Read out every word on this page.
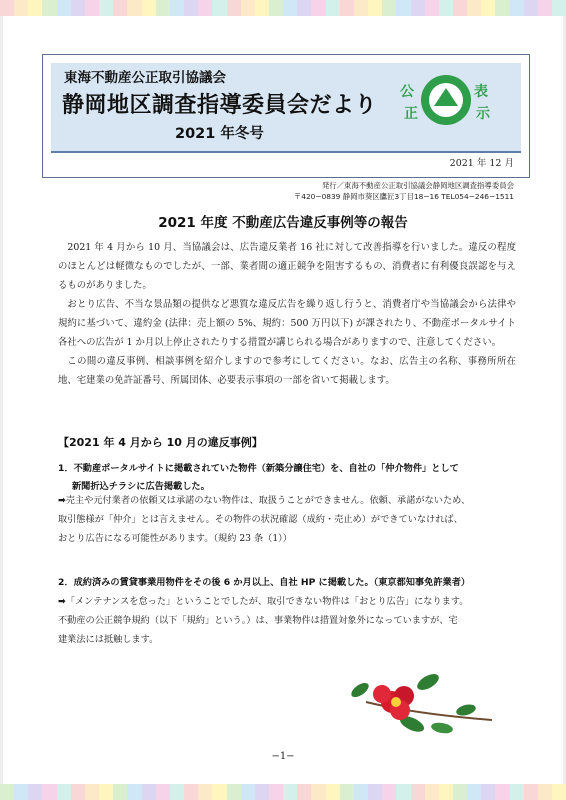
東海不動産公正取引協議会
静岡地区調査指導委員会だより
2021 年冬号
公
正
表
示
2021 年 12 月
発行／東海不動産公正取引協議会静岡地区調査指導委員会
〒420−0839 静岡市葵区鷹匠3丁目18−16 TEL054−246−1511
2021 年度 不動産広告違反事例等の報告

2021 年 4 月から 10 月、当協議会は、広告違反業者 16 社に対して改善指導を行いました。違反の程度のほとんどは軽微なものでしたが、一部、業者間の適正競争を阻害するもの、消費者に有利優良誤認を与えるものがありました。

おとり広告、不当な景品類の提供など悪質な違反広告を繰り返し行うと、消費者庁や当協議会から法律や規約に基づいて、違約金 (法律：売上額の 5%、規約：500 万円以下) が課されたり、不動産ポータルサイト各社への広告が 1 か月以上停止されたりする措置が講じられる場合がありますので、注意してください。

この間の違反事例、相談事例を紹介しますので参考にしてください。なお、広告主の名称、事務所所在地、宅建業の免許証番号、所属団体、必要表示事項の一部を省いて掲載します。

【2021 年 4 月から 10 月の違反事例】
1．不動産ポータルサイトに掲載されていた物件（新築分譲住宅）を、自社の「仲介物件」として
新聞折込チラシに広告掲載した。

➡売主や元付業者の依頼又は承諾のない物件は、取扱うことができません。依頼、承諾がないため、

取引態様が「仲介」とは言えません。その物件の状況確認（成約・売止め）ができていなければ、

おとり広告になる可能性があります。（規約 23 条（1））

2．成約済みの賃貸事業用物件をその後 6 か月以上、自社 HP に掲載した。（東京都知事免許業者）

➡「メンテナンスを怠った」ということでしたが、取引できない物件は「おとり広告」になります。

不動産の公正競争規約（以下「規約」という。）は、事業物件は措置対象外になっていますが、宅

建業法には抵触します。

−1−
